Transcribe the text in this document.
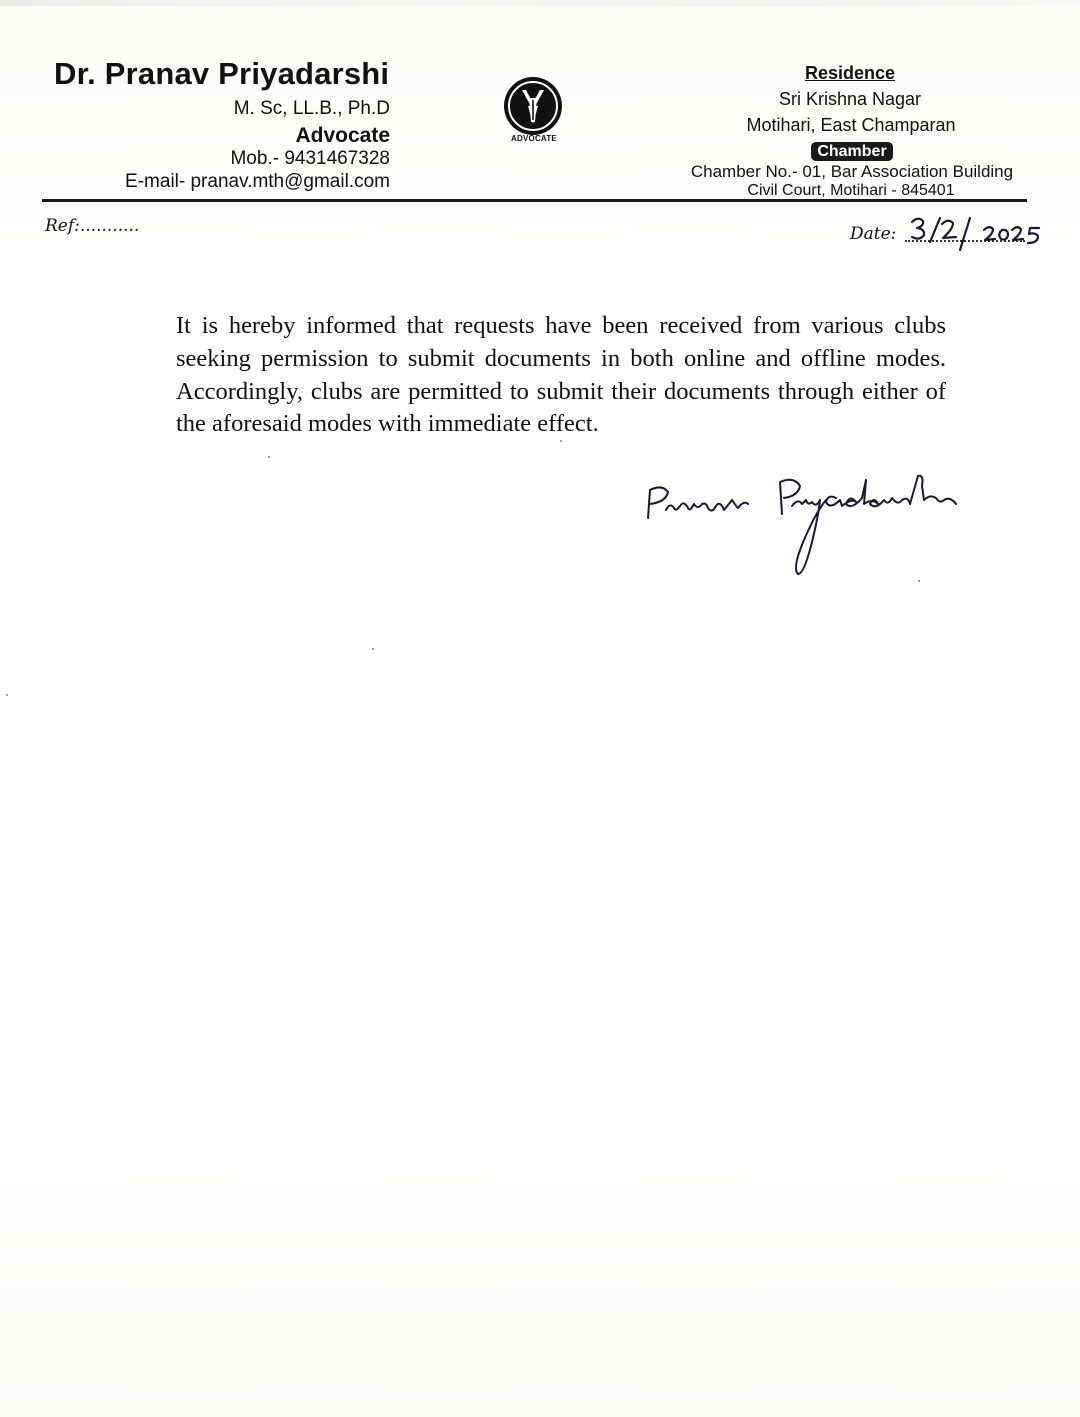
Dr. Pranav Priyadarshi
M. Sc, LL.B., Ph.D
Advocate
Mob.- 9431467328
E-mail- pranav.mth@gmail.com
ADVOCATE
Residence
Sri Krishna Nagar
Motihari, East Champaran
Chamber
Chamber No.- 01, Bar Association Building
Civil Court, Motihari - 845401
Ref:...........	Date:
3/2/2025
It is hereby informed that requests have been received from various clubs seeking permission to submit documents in both online and offline modes. Accordingly, clubs are permitted to submit their documents through either of the aforesaid modes with immediate effect.
Pranav Priyadarshi
